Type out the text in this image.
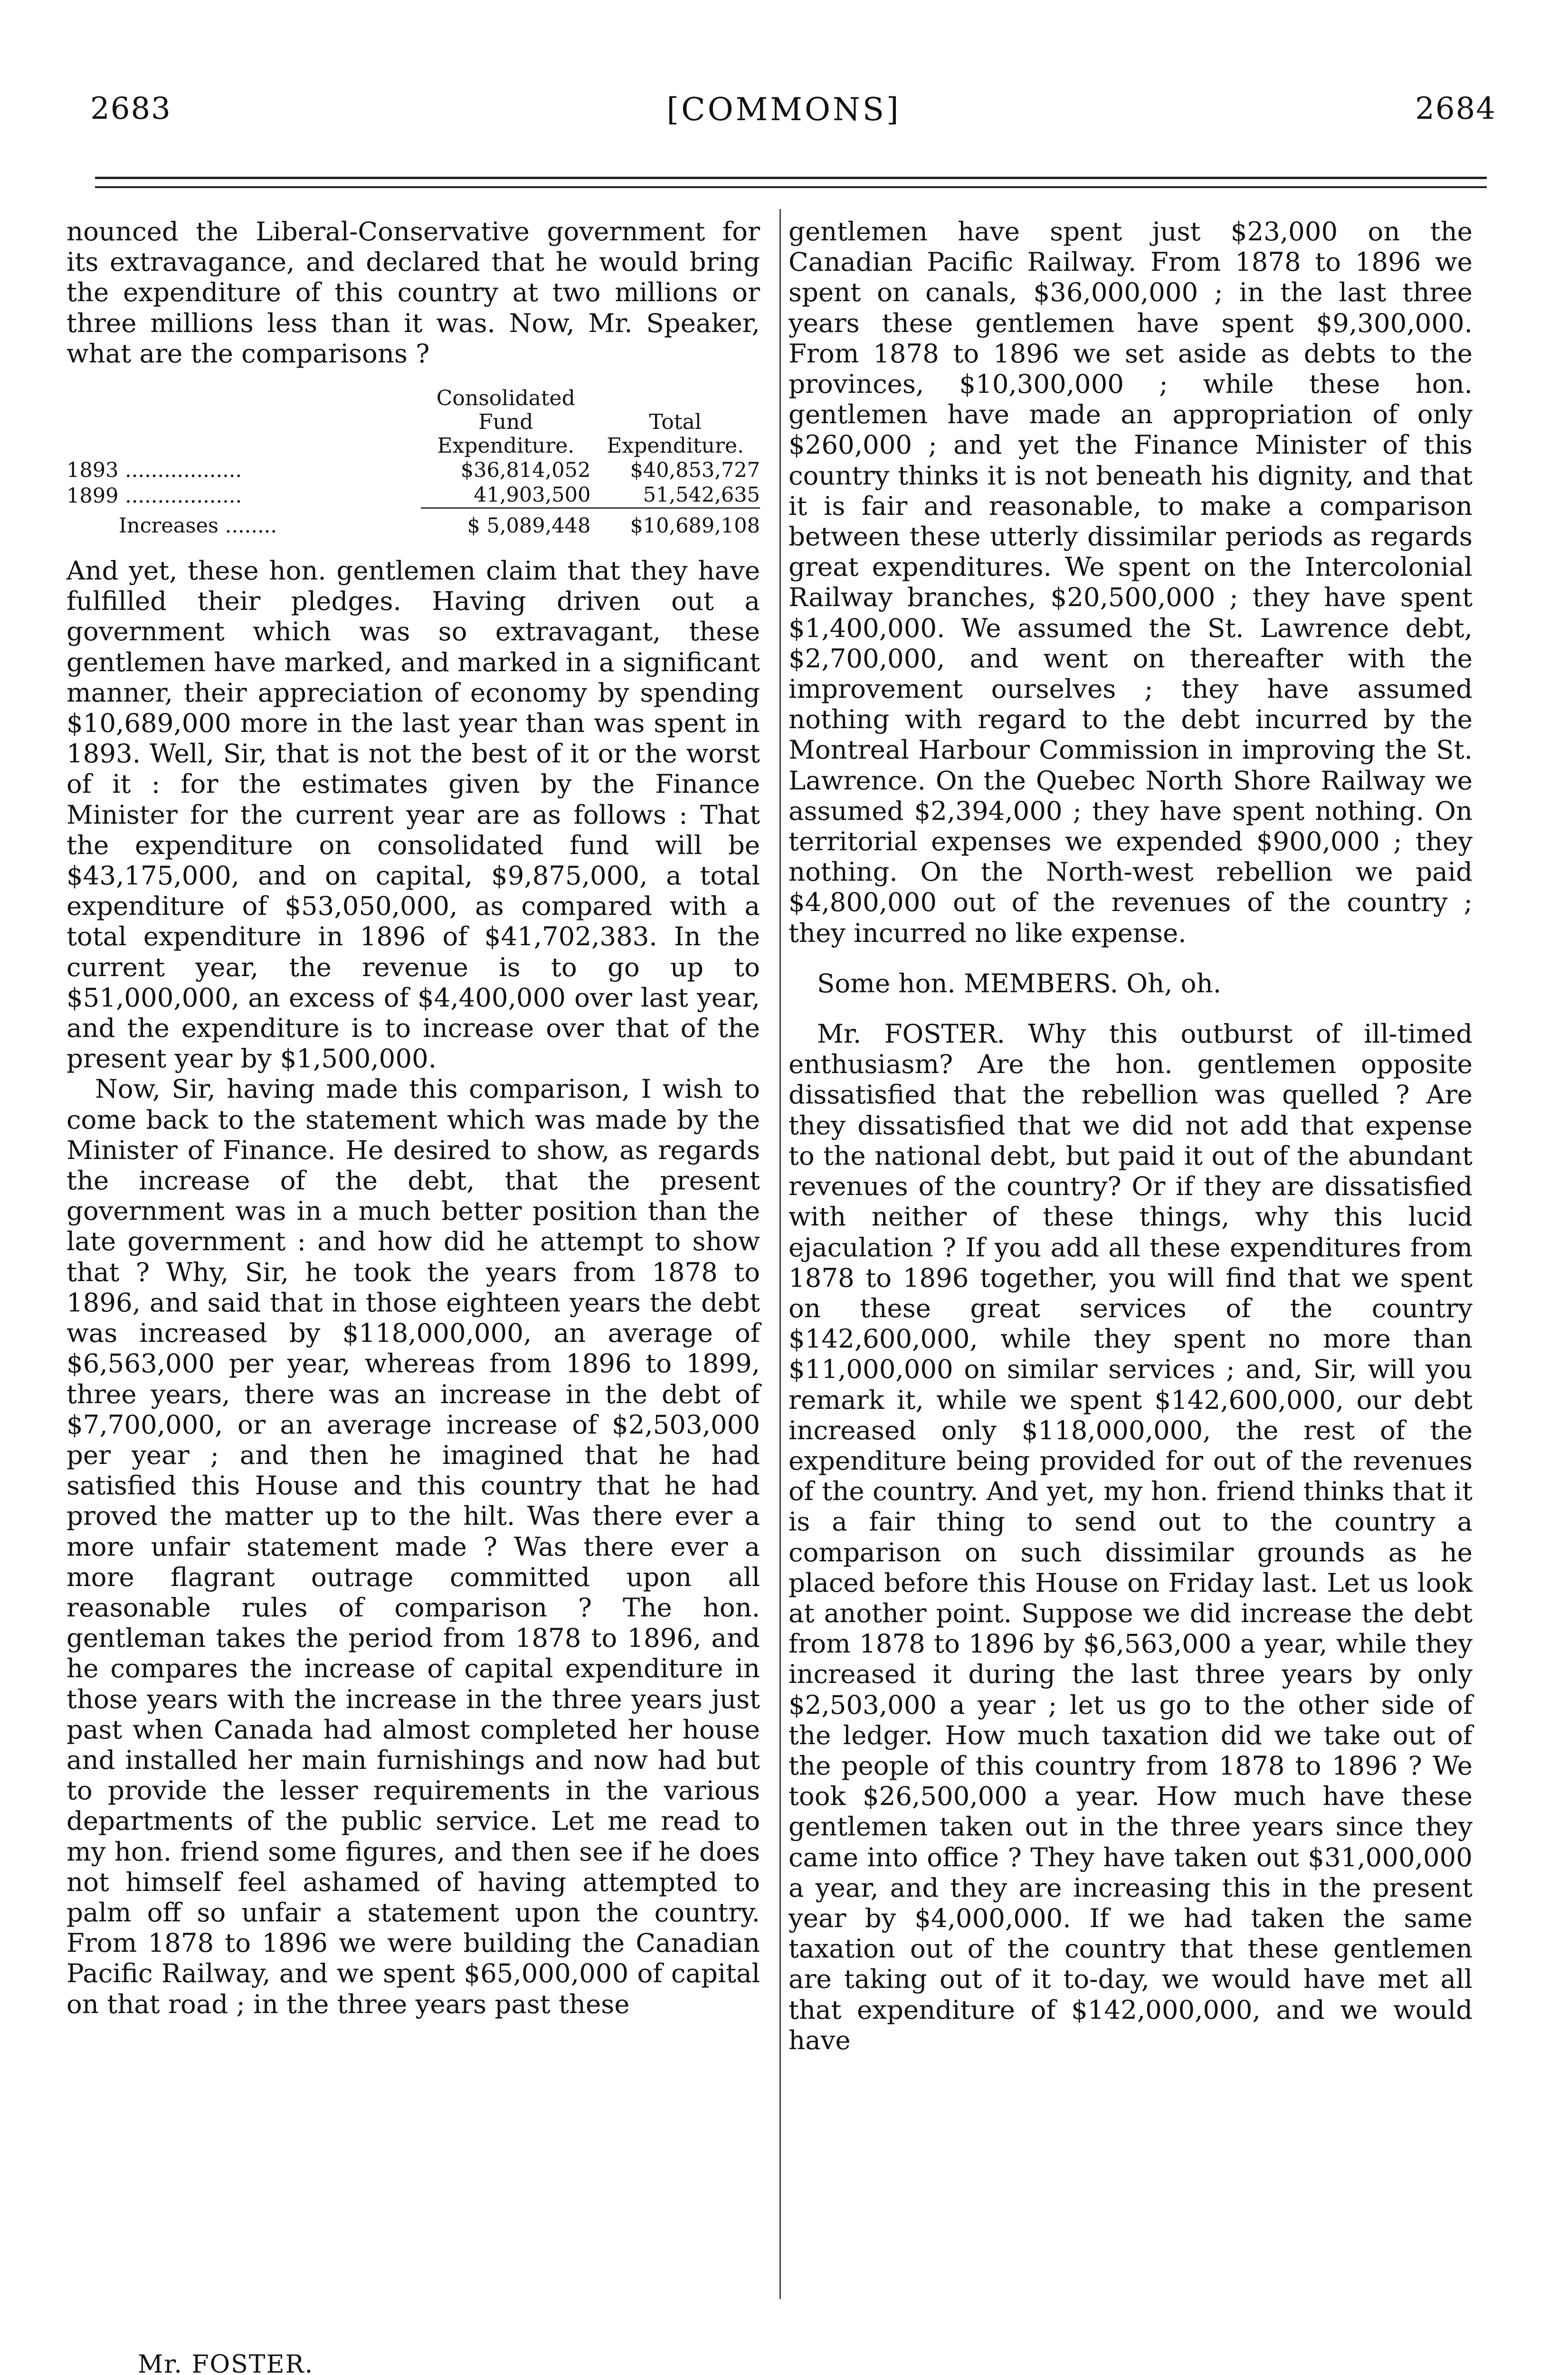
2683	[COMMONS]	2684

nounced the Liberal-Conservative government for its extravagance, and declared that he would bring the expenditure of this country at two millions or three millions less than it was. Now, Mr. Speaker, what are the comparisons ?

	Consolidated Fund Expenditure.	Total Expenditure.
1893 ..................	$36,814,052	$40,853,727
1899 ..................	41,903,500	51,542,635

Increases ........	$ 5,089,448	$10,689,108

And yet, these hon. gentlemen claim that they have fulfilled their pledges. Having driven out a government which was so extravagant, these gentlemen have marked, and marked in a significant manner, their appreciation of economy by spending $10,689,000 more in the last year than was spent in 1893. Well, Sir, that is not the best of it or the worst of it : for the estimates given by the Finance Minister for the current year are as follows : That the expenditure on consolidated fund will be $43,175,000, and on capital, $9,875,000, a total expenditure of $53,050,000, as compared with a total expenditure in 1896 of $41,702,383. In the current year, the revenue is to go up to $51,000,000, an excess of $4,400,000 over last year, and the expenditure is to increase over that of the present year by $1,500,000.

Now, Sir, having made this comparison, I wish to come back to the statement which was made by the Minister of Finance. He desired to show, as regards the increase of the debt, that the present government was in a much better position than the late government : and how did he attempt to show that ? Why, Sir, he took the years from 1878 to 1896, and said that in those eighteen years the debt was increased by $118,000,000, an average of $6,563,000 per year, whereas from 1896 to 1899, three years, there was an increase in the debt of $7,700,000, or an average increase of $2,503,000 per year ; and then he imagined that he had satisfied this House and this country that he had proved the matter up to the hilt. Was there ever a more unfair statement made ? Was there ever a more flagrant outrage committed upon all reasonable rules of comparison ? The hon. gentleman takes the period from 1878 to 1896, and he compares the increase of capital expenditure in those years with the increase in the three years just past when Canada had almost completed her house and installed her main furnishings and now had but to provide the lesser requirements in the various departments of the public service. Let me read to my hon. friend some figures, and then see if he does not himself feel ashamed of having attempted to palm off so unfair a statement upon the country. From 1878 to 1896 we were building the Canadian Pacific Railway, and we spent $65,000,000 of capital on that road ; in the three years past these

gentlemen have spent just $23,000 on the Canadian Pacific Railway. From 1878 to 1896 we spent on canals, $36,000,000 ; in the last three years these gentlemen have spent $9,300,000. From 1878 to 1896 we set aside as debts to the provinces, $10,300,000 ; while these hon. gentlemen have made an appropriation of only $260,000 ; and yet the Finance Minister of this country thinks it is not beneath his dignity, and that it is fair and reasonable, to make a comparison between these utterly dissimilar periods as regards great expenditures. We spent on the Intercolonial Railway branches, $20,500,000 ; they have spent $1,400,000. We assumed the St. Lawrence debt, $2,700,000, and went on thereafter with the improvement ourselves ; they have assumed nothing with regard to the debt incurred by the Montreal Harbour Commission in improving the St. Lawrence. On the Quebec North Shore Railway we assumed $2,394,000 ; they have spent nothing. On territorial expenses we expended $900,000 ; they nothing. On the North-west rebellion we paid $4,800,000 out of the revenues of the country ; they incurred no like expense.

Some hon. MEMBERS. Oh, oh.

Mr. FOSTER. Why this outburst of ill-timed enthusiasm? Are the hon. gentlemen opposite dissatisfied that the rebellion was quelled ? Are they dissatisfied that we did not add that expense to the national debt, but paid it out of the abundant revenues of the country? Or if they are dissatisfied with neither of these things, why this lucid ejaculation ? If you add all these expenditures from 1878 to 1896 together, you will find that we spent on these great services of the country $142,600,000, while they spent no more than $11,000,000 on similar services ; and, Sir, will you remark it, while we spent $142,600,000, our debt increased only $118,000,000, the rest of the expenditure being provided for out of the revenues of the country. And yet, my hon. friend thinks that it is a fair thing to send out to the country a comparison on such dissimilar grounds as he placed before this House on Friday last. Let us look at another point. Suppose we did increase the debt from 1878 to 1896 by $6,563,000 a year, while they increased it during the last three years by only $2,503,000 a year ; let us go to the other side of the ledger. How much taxation did we take out of the people of this country from 1878 to 1896 ? We took $26,500,000 a year. How much have these gentlemen taken out in the three years since they came into office ? They have taken out $31,000,000 a year, and they are increasing this in the present year by $4,000,000. If we had taken the same taxation out of the country that these gentlemen are taking out of it to-day, we would have met all that expenditure of $142,000,000, and we would have

Mr. FOSTER.
